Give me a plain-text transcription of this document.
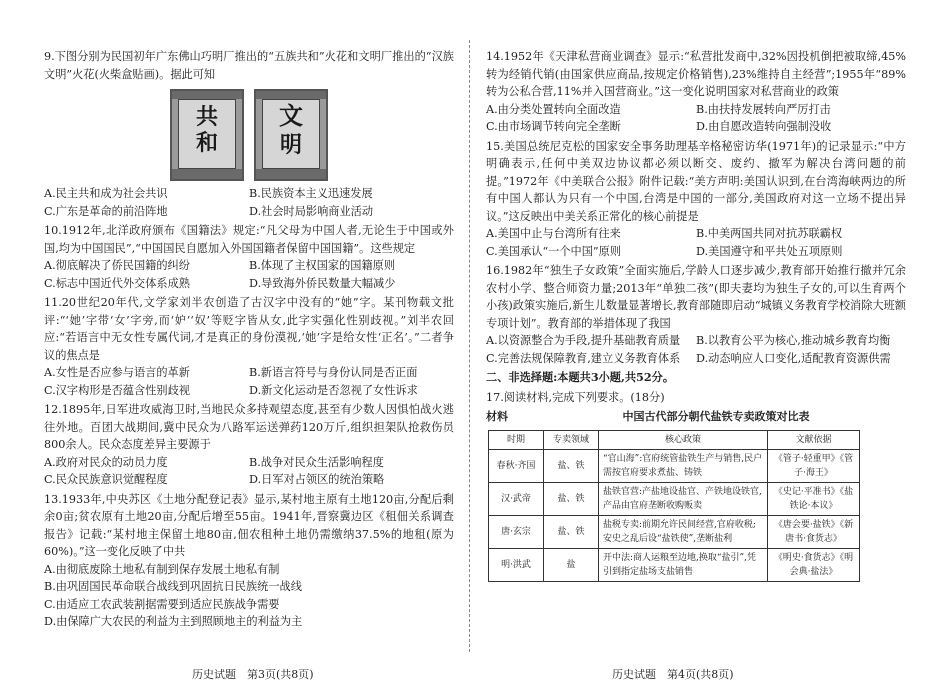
9.下图分别为民国初年广东佛山巧明厂推出的“五族共和”火花和文明厂推出的“汉族文明”火花(火柴盒贴画)。据此可知
共
和
文
明
A.民主共和成为社会共识	B.民族资本主义迅速发展
C.广东是革命的前沿阵地	D.社会时局影响商业活动
10.1912年,北洋政府颁布《国籍法》规定:“凡父母为中国人者,无论生于中国或外国,均为中国国民”,“中国国民自愿加入外国国籍者保留中国国籍”。这些规定
A.彻底解决了侨民国籍的纠纷	B.体现了主权国家的国籍原则
C.标志中国近代外交体系成熟	D.导致海外侨民数量大幅减少
11.20世纪20年代,文学家刘半农创造了古汉字中没有的“她”字。某刊物载文批评:“‘她’字带‘女’字旁,而‘妒’‘奴’等贬字皆从女,此字实强化性别歧视。”刘半农回应:“若语言中无女性专属代词,才是真正的身份漠视,‘她’字是给女性‘正名’。”二者争议的焦点是
A.女性是否应参与语言的革新	B.新语言符号与身份认同是否正面
C.汉字构形是否蕴含性别歧视	D.新文化运动是否忽视了女性诉求
12.1895年,日军进攻威海卫时,当地民众多持观望态度,甚至有少数人因惧怕战火逃往外地。百团大战期间,冀中民众为八路军运送弹药120万斤,组织担架队抢救伤员800余人。民众态度差异主要源于
A.政府对民众的动员力度	B.战争对民众生活影响程度
C.民众民族意识觉醒程度	D.日军对占领区的统治策略
13.1933年,中央苏区《土地分配登记表》显示,某村地主原有土地120亩,分配后剩余0亩;贫农原有土地20亩,分配后增至55亩。1941年,晋察冀边区《租佃关系调查报告》记载:“某村地主保留土地80亩,佃农租种土地仍需缴纳37.5%的地租(原为60%)。”这一变化反映了中共
A.由彻底废除土地私有制到保存发展土地私有制
B.由巩固国民革命联合战线到巩固抗日民族统一战线
C.由适应工农武装割据需要到适应民族战争需要
D.由保障广大农民的利益为主到照顾地主的利益为主
14.1952年《天津私营商业调查》显示:“私营批发商中,32%因投机倒把被取缔,45%转为经销代销(由国家供应商品,按规定价格销售),23%维持自主经营”;1955年“89%转为公私合营,11%并入国营商业。”这一变化说明国家对私营商业的政策
A.由分类处置转向全面改造	B.由扶持发展转向严厉打击
C.由市场调节转向完全垄断	D.由自愿改造转向强制没收
15.美国总统尼克松的国家安全事务助理基辛格秘密访华(1971年)的记录显示:“中方明确表示,任何中美双边协议都必须以断交、废约、撤军为解决台湾问题的前提。”1972年《中美联合公报》附件记载:“美方声明:美国认识到,在台湾海峡两边的所有中国人都认为只有一个中国,台湾是中国的一部分,美国政府对这一立场不提出异议。”这反映出中美关系正常化的核心前提是
A.美国中止与台湾所有往来	B.中美两国共同对抗苏联霸权
C.美国承认“一个中国”原则	D.美国遵守和平共处五项原则
16.1982年“独生子女政策”全面实施后,学龄人口逐步减少,教育部开始推行撤并冗余农村小学、整合师资力量;2013年“单独二孩”(即夫妻均为独生子女的,可以生育两个小孩)政策实施后,新生儿数量显著增长,教育部随即启动“城镇义务教育学校消除大班额专项计划”。教育部的举措体现了我国
A.以资源整合为手段,提升基础教育质量	B.以教育公平为核心,推动城乡教育均衡
C.完善法规保障教育,建立义务教育体系	D.动态响应人口变化,适配教育资源供需
二、非选择题:本题共3小题,共52分。
17.阅读材料,完成下列要求。(18分)
材料	中国古代部分朝代盐铁专卖政策对比表
时期	专卖领域	核心政策	文献依据
春秋·齐国	盐、铁	“官山海”:官府统管盐铁生产与销售,民户需按官府要求煮盐、铸铁	《管子·轻重甲》《管子·海王》
汉·武帝	盐、铁	盐铁官营:产盐地设盐官、产铁地设铁官,产品由官府垄断收购贩卖	《史记·平准书》《盐铁论·本议》
唐·玄宗	盐、铁	盐税专卖:前期允许民间经营,官府收税;安史之乱后设“盐铁使”,垄断盐利	《唐会要·盐铁》《新唐书·食货志》
明·洪武	盐	开中法:商人运粮至边地,换取“盐引”,凭引到指定盐场支盐销售	《明史·食货志》《明会典·盐法》
历史试题　第3页(共8页)	历史试题　第4页(共8页)
